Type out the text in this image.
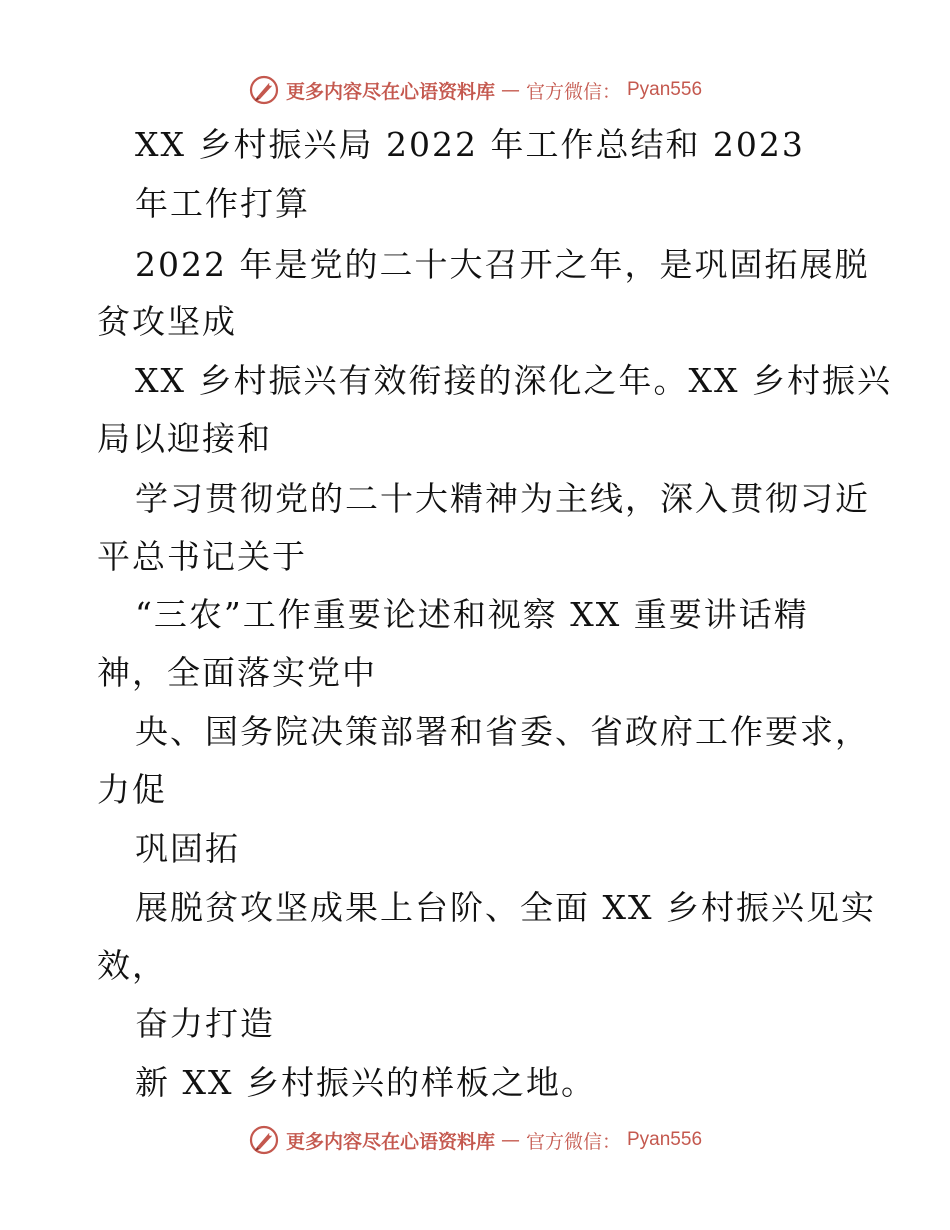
更多内容尽在心语资料库 — 官方微信： Pyan556
XX 乡村振兴局 2022 年工作总结和 2023
年工作打算
2022 年是党的二十大召开之年，是巩固拓展脱
贫攻坚成
XX 乡村振兴有效衔接的深化之年。XX 乡村振兴
局以迎接和
学习贯彻党的二十大精神为主线，深入贯彻习近
平总书记关于
“三农”工作重要论述和视察 XX 重要讲话精
神，全面落实党中
央、国务院决策部署和省委、省政府工作要求，
力促
巩固拓
展脱贫攻坚成果上台阶、全面 XX 乡村振兴见实
效，
奋力打造
新 XX 乡村振兴的样板之地。
更多内容尽在心语资料库 — 官方微信： Pyan556
